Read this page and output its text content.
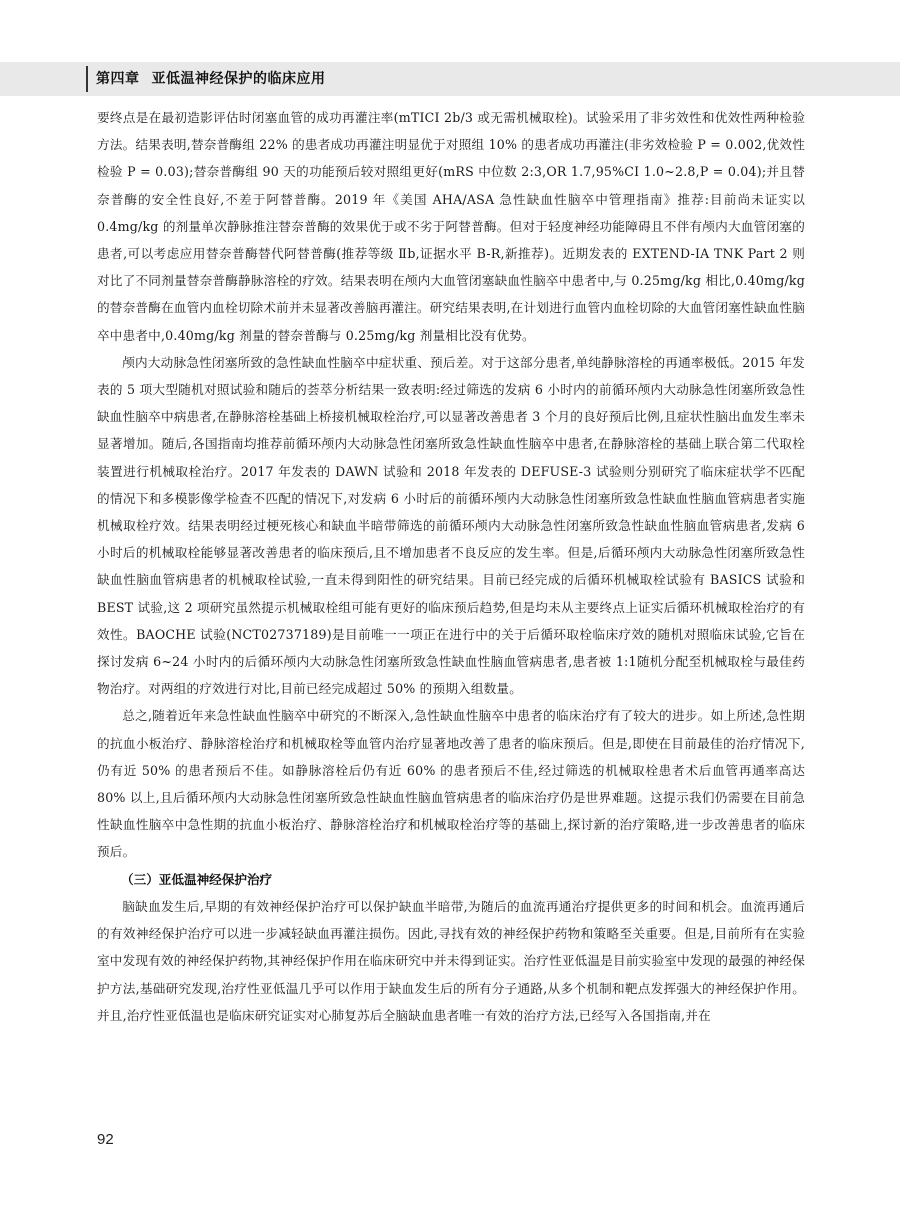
第四章 亚低温神经保护的临床应用

要终点是在最初造影评估时闭塞血管的成功再灌注率(mTICI 2b/3 或无需机械取栓)。试验采用了非劣效性和优效性两种检验方法。结果表明,替奈普酶组 22% 的患者成功再灌注明显优于对照组 10% 的患者成功再灌注(非劣效检验 P = 0.002,优效性检验 P = 0.03);替奈普酶组 90 天的功能预后较对照组更好(mRS 中位数 2:3,OR 1.7,95%CI 1.0~2.8,P = 0.04);并且替奈普酶的安全性良好,不差于阿替普酶。2019 年《美国 AHA/ASA 急性缺血性脑卒中管理指南》推荐:目前尚未证实以 0.4mg/kg 的剂量单次静脉推注替奈普酶的效果优于或不劣于阿替普酶。但对于轻度神经功能障碍且不伴有颅内大血管闭塞的患者,可以考虑应用替奈普酶替代阿替普酶(推荐等级 Ⅱb,证据水平 B-R,新推荐)。近期发表的 EXTEND-IA TNK Part 2 则对比了不同剂量替奈普酶静脉溶栓的疗效。结果表明在颅内大血管闭塞缺血性脑卒中患者中,与 0.25mg/kg 相比,0.40mg/kg 的替奈普酶在血管内血栓切除术前并未显著改善脑再灌注。研究结果表明,在计划进行血管内血栓切除的大血管闭塞性缺血性脑卒中患者中,0.40mg/kg 剂量的替奈普酶与 0.25mg/kg 剂量相比没有优势。

颅内大动脉急性闭塞所致的急性缺血性脑卒中症状重、预后差。对于这部分患者,单纯静脉溶栓的再通率极低。2015 年发表的 5 项大型随机对照试验和随后的荟萃分析结果一致表明:经过筛选的发病 6 小时内的前循环颅内大动脉急性闭塞所致急性缺血性脑卒中病患者,在静脉溶栓基础上桥接机械取栓治疗,可以显著改善患者 3 个月的良好预后比例,且症状性脑出血发生率未显著增加。随后,各国指南均推荐前循环颅内大动脉急性闭塞所致急性缺血性脑卒中患者,在静脉溶栓的基础上联合第二代取栓装置进行机械取栓治疗。2017 年发表的 DAWN 试验和 2018 年发表的 DEFUSE-3 试验则分别研究了临床症状学不匹配的情况下和多模影像学检查不匹配的情况下,对发病 6 小时后的前循环颅内大动脉急性闭塞所致急性缺血性脑血管病患者实施机械取栓疗效。结果表明经过梗死核心和缺血半暗带筛选的前循环颅内大动脉急性闭塞所致急性缺血性脑血管病患者,发病 6 小时后的机械取栓能够显著改善患者的临床预后,且不增加患者不良反应的发生率。但是,后循环颅内大动脉急性闭塞所致急性缺血性脑血管病患者的机械取栓试验,一直未得到阳性的研究结果。目前已经完成的后循环机械取栓试验有 BASICS 试验和 BEST 试验,这 2 项研究虽然提示机械取栓组可能有更好的临床预后趋势,但是均未从主要终点上证实后循环机械取栓治疗的有效性。BAOCHE 试验(NCT02737189)是目前唯一一项正在进行中的关于后循环取栓临床疗效的随机对照临床试验,它旨在探讨发病 6~24 小时内的后循环颅内大动脉急性闭塞所致急性缺血性脑血管病患者,患者被 1:1随机分配至机械取栓与最佳药物治疗。对两组的疗效进行对比,目前已经完成超过 50% 的预期入组数量。

总之,随着近年来急性缺血性脑卒中研究的不断深入,急性缺血性脑卒中患者的临床治疗有了较大的进步。如上所述,急性期的抗血小板治疗、静脉溶栓治疗和机械取栓等血管内治疗显著地改善了患者的临床预后。但是,即使在目前最佳的治疗情况下,仍有近 50% 的患者预后不佳。如静脉溶栓后仍有近 60% 的患者预后不佳,经过筛选的机械取栓患者术后血管再通率高达 80% 以上,且后循环颅内大动脉急性闭塞所致急性缺血性脑血管病患者的临床治疗仍是世界难题。这提示我们仍需要在目前急性缺血性脑卒中急性期的抗血小板治疗、静脉溶栓治疗和机械取栓治疗等的基础上,探讨新的治疗策略,进一步改善患者的临床预后。

（三）亚低温神经保护治疗

脑缺血发生后,早期的有效神经保护治疗可以保护缺血半暗带,为随后的血流再通治疗提供更多的时间和机会。血流再通后的有效神经保护治疗可以进一步减轻缺血再灌注损伤。因此,寻找有效的神经保护药物和策略至关重要。但是,目前所有在实验室中发现有效的神经保护药物,其神经保护作用在临床研究中并未得到证实。治疗性亚低温是目前实验室中发现的最强的神经保护方法,基础研究发现,治疗性亚低温几乎可以作用于缺血发生后的所有分子通路,从多个机制和靶点发挥强大的神经保护作用。并且,治疗性亚低温也是临床研究证实对心肺复苏后全脑缺血患者唯一有效的治疗方法,已经写入各国指南,并在

92
